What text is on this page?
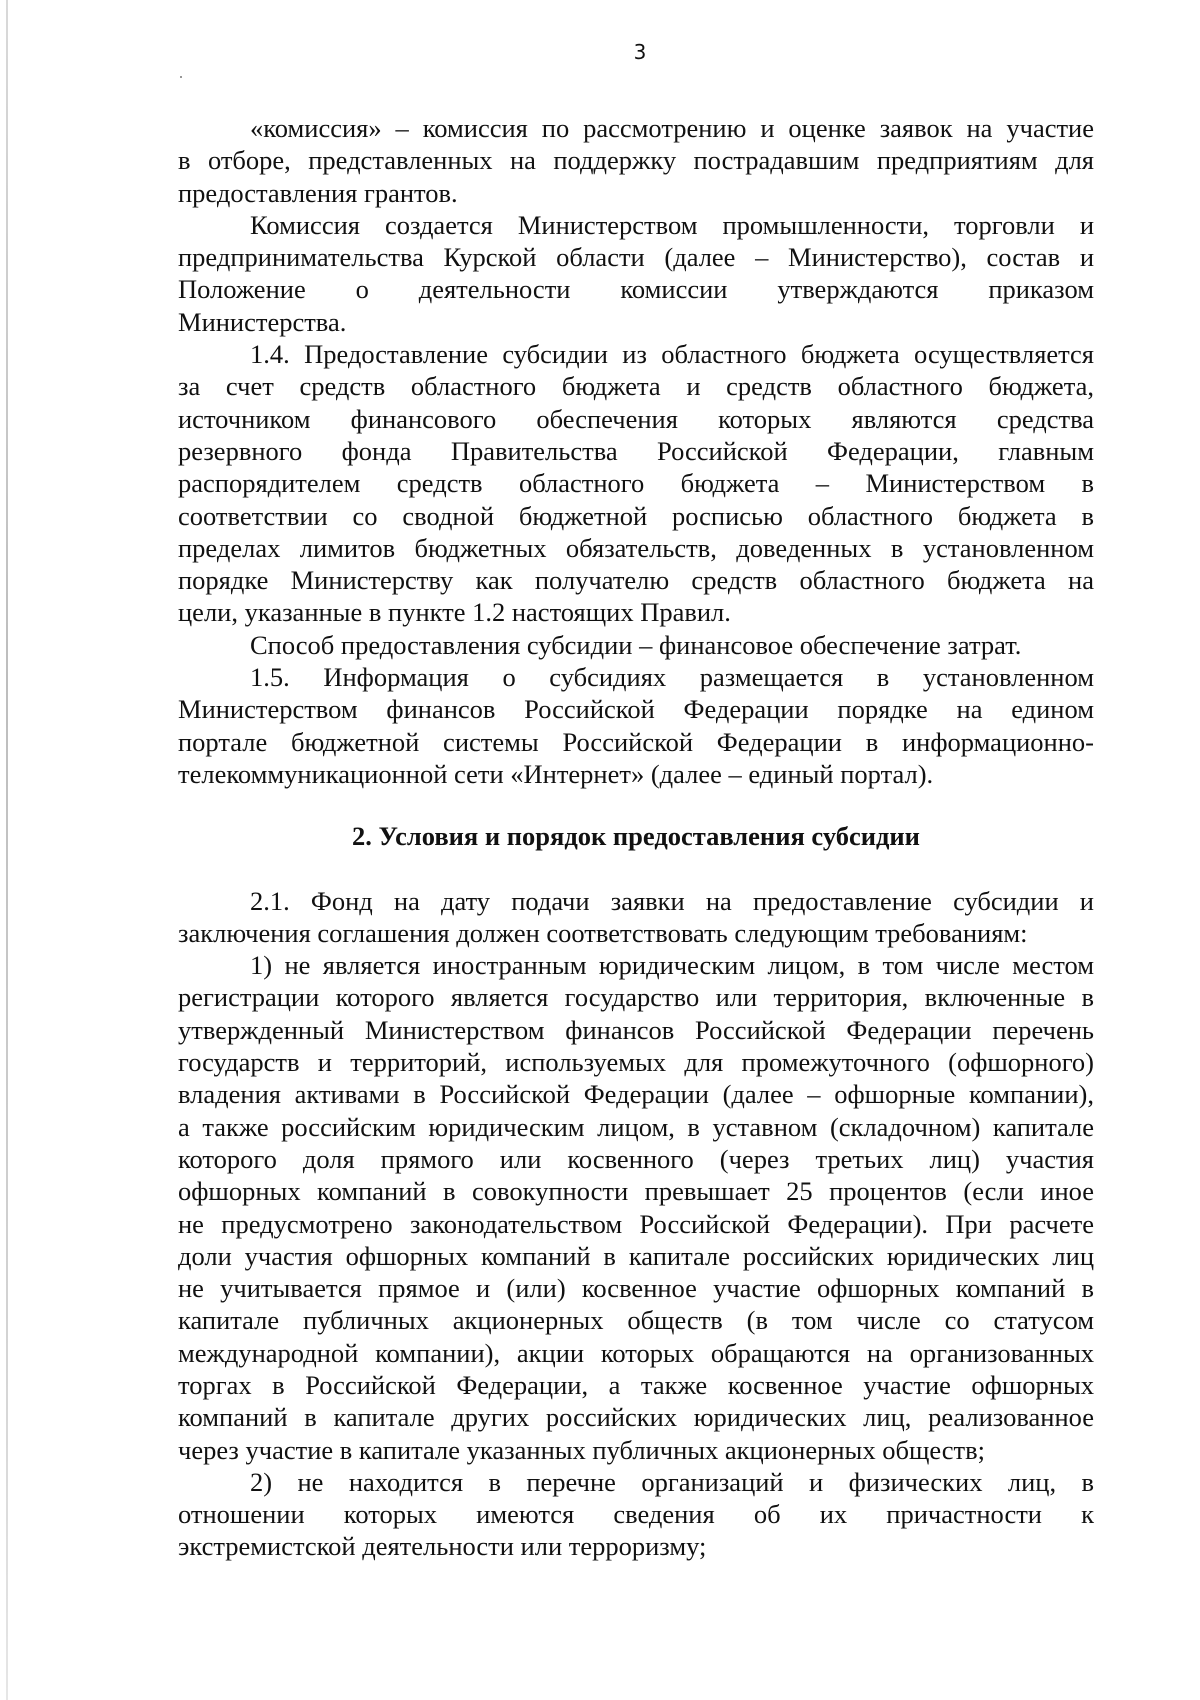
3
«комиссия» – комиссия по рассмотрению и оценке заявок на участие
в отборе, представленных на поддержку пострадавшим предприятиям для
предоставления грантов.
Комиссия создается Министерством промышленности, торговли и
предпринимательства Курской области (далее – Министерство), состав и
Положение о деятельности комиссии утверждаются приказом
Министерства.
1.4. Предоставление субсидии из областного бюджета осуществляется
за счет средств областного бюджета и средств областного бюджета,
источником финансового обеспечения которых являются средства
резервного фонда Правительства Российской Федерации, главным
распорядителем средств областного бюджета – Министерством в
соответствии со сводной бюджетной росписью областного бюджета в
пределах лимитов бюджетных обязательств, доведенных в установленном
порядке Министерству как получателю средств областного бюджета на
цели, указанные в пункте 1.2 настоящих Правил.
Способ предоставления субсидии – финансовое обеспечение затрат.
1.5. Информация о субсидиях размещается в установленном
Министерством финансов Российской Федерации порядке на едином
портале бюджетной системы Российской Федерации в информационно-
телекоммуникационной сети «Интернет» (далее – единый портал).
2. Условия и порядок предоставления субсидии
2.1. Фонд на дату подачи заявки на предоставление субсидии и
заключения соглашения должен соответствовать следующим требованиям:
1) не является иностранным юридическим лицом, в том числе местом
регистрации которого является государство или территория, включенные в
утвержденный Министерством финансов Российской Федерации перечень
государств и территорий, используемых для промежуточного (офшорного)
владения активами в Российской Федерации (далее – офшорные компании),
а также российским юридическим лицом, в уставном (складочном) капитале
которого доля прямого или косвенного (через третьих лиц) участия
офшорных компаний в совокупности превышает 25 процентов (если иное
не предусмотрено законодательством Российской Федерации). При расчете
доли участия офшорных компаний в капитале российских юридических лиц
не учитывается прямое и (или) косвенное участие офшорных компаний в
капитале публичных акционерных обществ (в том числе со статусом
международной компании), акции которых обращаются на организованных
торгах в Российской Федерации, а также косвенное участие офшорных
компаний в капитале других российских юридических лиц, реализованное
через участие в капитале указанных публичных акционерных обществ;
2) не находится в перечне организаций и физических лиц, в
отношении которых имеются сведения об их причастности к
экстремистской деятельности или терроризму;
